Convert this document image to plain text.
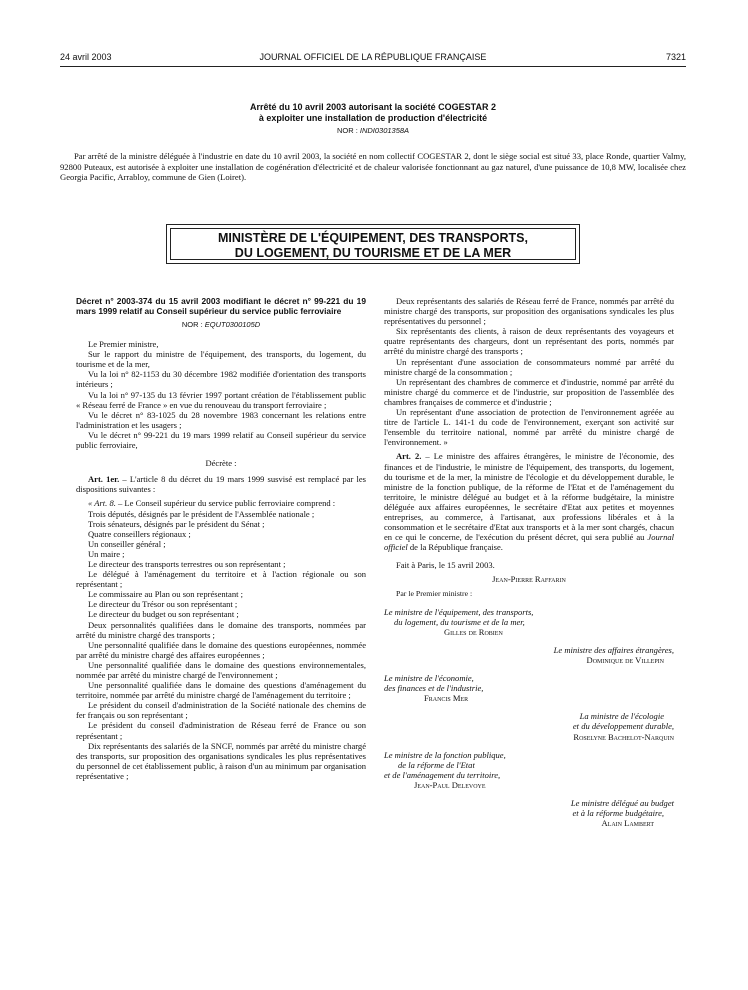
24 avril 2003	JOURNAL OFFICIEL DE LA RÉPUBLIQUE FRANÇAISE	7321
Arrêté du 10 avril 2003 autorisant la société COGESTAR 2
à exploiter une installation de production d'électricité
NOR : INDI0301358A

Par arrêté de la ministre déléguée à l'industrie en date du 10 avril 2003, la société en nom collectif COGESTAR 2, dont le siège social est situé 33, place Ronde, quartier Valmy, 92800 Puteaux, est autorisée à exploiter une installation de cogénération d'électricité et de chaleur valorisée fonctionnant au gaz naturel, d'une puissance de 10,8 MW, localisée chez Georgia Pacific, Arrabloy, commune de Gien (Loiret).

MINISTÈRE DE L'ÉQUIPEMENT, DES TRANSPORTS,
DU LOGEMENT, DU TOURISME ET DE LA MER

Décret n° 2003-374 du 15 avril 2003 modifiant le décret n° 99-221 du 19 mars 1999 relatif au Conseil supérieur du service public ferroviaire

NOR : EQUT0300105D

Le Premier ministre,

Sur le rapport du ministre de l'équipement, des transports, du logement, du tourisme et de la mer,

Vu la loi n° 82-1153 du 30 décembre 1982 modifiée d'orientation des transports intérieurs ;

Vu la loi n° 97-135 du 13 février 1997 portant création de l'établissement public « Réseau ferré de France » en vue du renouveau du transport ferroviaire ;

Vu le décret n° 83-1025 du 28 novembre 1983 concernant les relations entre l'administration et les usagers ;

Vu le décret n° 99-221 du 19 mars 1999 relatif au Conseil supérieur du service public ferroviaire,

Décrète :

Art. 1er. – L'article 8 du décret du 19 mars 1999 susvisé est remplacé par les dispositions suivantes :

« Art. 8. – Le Conseil supérieur du service public ferroviaire comprend :

Trois députés, désignés par le président de l'Assemblée nationale ;

Trois sénateurs, désignés par le président du Sénat ;

Quatre conseillers régionaux ;

Un conseiller général ;

Un maire ;

Le directeur des transports terrestres ou son représentant ;

Le délégué à l'aménagement du territoire et à l'action régionale ou son représentant ;

Le commissaire au Plan ou son représentant ;

Le directeur du Trésor ou son représentant ;

Le directeur du budget ou son représentant ;

Deux personnalités qualifiées dans le domaine des transports, nommées par arrêté du ministre chargé des transports ;

Une personnalité qualifiée dans le domaine des questions européennes, nommée par arrêté du ministre chargé des affaires européennes ;

Une personnalité qualifiée dans le domaine des questions environnementales, nommée par arrêté du ministre chargé de l'environnement ;

Une personnalité qualifiée dans le domaine des questions d'aménagement du territoire, nommée par arrêté du ministre chargé de l'aménagement du territoire ;

Le président du conseil d'administration de la Société nationale des chemins de fer français ou son représentant ;

Le président du conseil d'administration de Réseau ferré de France ou son représentant ;

Dix représentants des salariés de la SNCF, nommés par arrêté du ministre chargé des transports, sur proposition des organisations syndicales les plus représentatives du personnel de cet établissement public, à raison d'un au minimum par organisation représentative ;

Deux représentants des salariés de Réseau ferré de France, nommés par arrêté du ministre chargé des transports, sur proposition des organisations syndicales les plus représentatives du personnel ;

Six représentants des clients, à raison de deux représentants des voyageurs et quatre représentants des chargeurs, dont un représentant des ports, nommés par arrêté du ministre chargé des transports ;

Un représentant d'une association de consommateurs nommé par arrêté du ministre chargé de la consommation ;

Un représentant des chambres de commerce et d'industrie, nommé par arrêté du ministre chargé du commerce et de l'industrie, sur proposition de l'assemblée des chambres françaises de commerce et d'industrie ;

Un représentant d'une association de protection de l'environnement agréée au titre de l'article L. 141-1 du code de l'environnement, exerçant son activité sur l'ensemble du territoire national, nommé par arrêté du ministre chargé de l'environnement. »

Art. 2. – Le ministre des affaires étrangères, le ministre de l'économie, des finances et de l'industrie, le ministre de l'équipement, des transports, du logement, du tourisme et de la mer, la ministre de l'écologie et du développement durable, le ministre de la fonction publique, de la réforme de l'Etat et de l'aménagement du territoire, le ministre délégué au budget et à la réforme budgétaire, la ministre déléguée aux affaires européennes, le secrétaire d'Etat aux petites et moyennes entreprises, au commerce, à l'artisanat, aux professions libérales et à la consommation et le secrétaire d'Etat aux transports et à la mer sont chargés, chacun en ce qui le concerne, de l'exécution du présent décret, qui sera publié au Journal officiel de la République française.

Fait à Paris, le 15 avril 2003.

Jean-Pierre Raffarin

Par le Premier ministre :

Le ministre de l'équipement, des transports,

du logement, du tourisme et de la mer,

Gilles de Robien

Le ministre des affaires étrangères,

Dominique de Villepin

Le ministre de l'économie,

des finances et de l'industrie,

Francis Mer

La ministre de l'écologie

et du développement durable,

Roselyne Bachelot-Narquin

Le ministre de la fonction publique,

de la réforme de l'Etat

et de l'aménagement du territoire,

Jean-Paul Delevoye

Le ministre délégué au budget

et à la réforme budgétaire,

Alain Lambert
